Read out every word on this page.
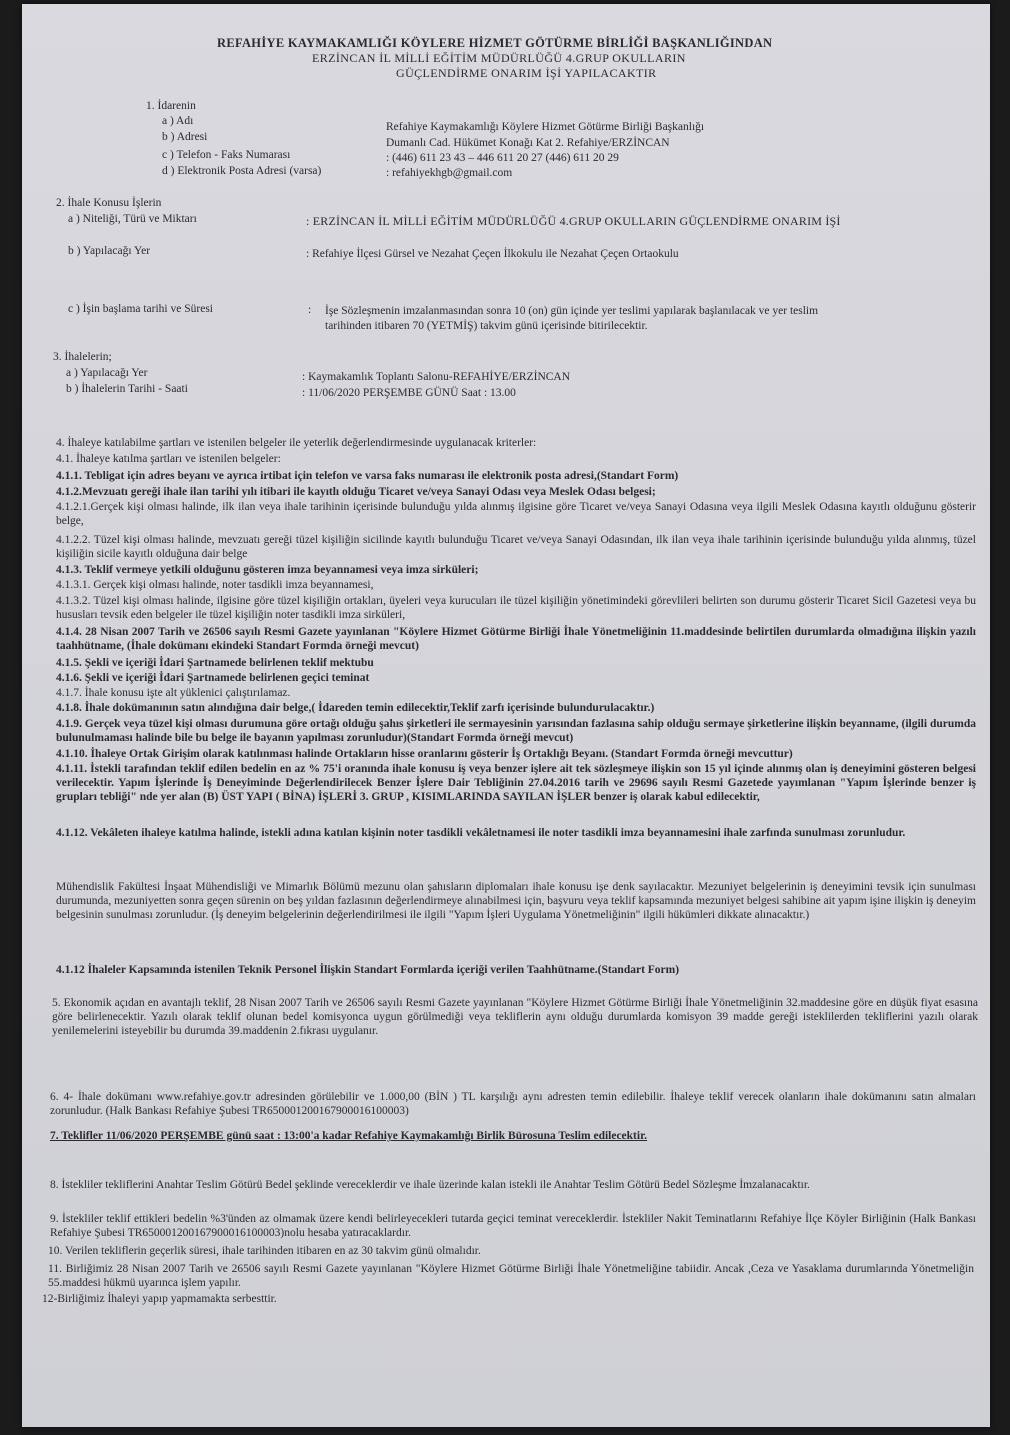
REFAHİYE KAYMAKAMLIĞI KÖYLERE HİZMET GÖTÜRME BİRLİĞİ BAŞKANLIĞINDAN
ERZİNCAN İL MİLLİ EĞİTİM MÜDÜRLÜĞÜ 4.GRUP OKULLARIN
GÜÇLENDİRME ONARIM İŞİ YAPILACAKTIR
1. İdarenin
a ) Adı	Refahiye Kaymakamlığı Köylere Hizmet Götürme Birliği Başkanlığı
b ) Adresi	Dumanlı Cad. Hükümet Konağı Kat 2. Refahiye/ERZİNCAN
c ) Telefon - Faks Numarası	: (446) 611 23 43 – 446 611 20 27 (446) 611 20 29
d ) Elektronik Posta Adresi (varsa)	: refahiyekhgb@gmail.com
2. İhale Konusu İşlerin
a ) Niteliği, Türü ve Miktarı	: ERZİNCAN İL MİLLİ EĞİTİM MÜDÜRLÜĞÜ 4.GRUP OKULLARIN GÜÇLENDİRME ONARIM İŞİ
b ) Yapılacağı Yer	: Refahiye İlçesi Gürsel ve Nezahat Çeçen İlkokulu ile Nezahat Çeçen Ortaokulu
c ) İşin başlama tarihi ve Süresi	: İşe Sözleşmenin imzalanmasından sonra 10 (on) gün içinde yer teslimi yapılarak başlanılacak ve yer teslim
tarihinden itibaren 70 (YETMİŞ) takvim günü içerisinde bitirilecektir.
3. İhalelerin;
a ) Yapılacağı Yer	: Kaymakamlık Toplantı Salonu-REFAHİYE/ERZİNCAN
b ) İhalelerin Tarihi - Saati	: 11/06/2020 PERŞEMBE GÜNÜ Saat : 13.00
4. İhaleye katılabilme şartları ve istenilen belgeler ile yeterlik değerlendirmesinde uygulanacak kriterler:
4.1. İhaleye katılma şartları ve istenilen belgeler:
4.1.1. Tebligat için adres beyanı ve ayrıca irtibat için telefon ve varsa faks numarası ile elektronik posta adresi,(Standart Form)
4.1.2.Mevzuatı gereği ihale ilan tarihi yılı itibari ile kayıtlı olduğu Ticaret ve/veya Sanayi Odası veya Meslek Odası belgesi;
4.1.2.1.Gerçek kişi olması halinde, ilk ilan veya ihale tarihinin içerisinde bulunduğu yılda alınmış ilgisine göre Ticaret ve/veya Sanayi Odasına veya ilgili Meslek Odasına kayıtlı olduğunu gösterir belge,
4.1.2.2. Tüzel kişi olması halinde, mevzuatı gereği tüzel kişiliğin sicilinde kayıtlı bulunduğu Ticaret ve/veya Sanayi Odasından, ilk ilan veya ihale tarihinin içerisinde bulunduğu yılda alınmış, tüzel kişiliğin sicile kayıtlı olduğuna dair belge
4.1.3. Teklif vermeye yetkili olduğunu gösteren imza beyannamesi veya imza sirküleri;
4.1.3.1. Gerçek kişi olması halinde, noter tasdikli imza beyannamesi,
4.1.3.2. Tüzel kişi olması halinde, ilgisine göre tüzel kişiliğin ortakları, üyeleri veya kurucuları ile tüzel kişiliğin yönetimindeki görevlileri belirten son durumu gösterir Ticaret Sicil Gazetesi veya bu hususları tevsik eden belgeler ile tüzel kişiliğin noter tasdikli imza sirküleri,
4.1.4. 28 Nisan 2007 Tarih ve 26506 sayılı Resmi Gazete yayınlanan "Köylere Hizmet Götürme Birliği İhale Yönetmeliğinin 11.maddesinde belirtilen durumlarda olmadığına ilişkin yazılı taahhütname, (İhale dokümanı ekindeki Standart Formda örneği mevcut)
4.1.5. Şekli ve içeriği İdari Şartnamede belirlenen teklif mektubu
4.1.6. Şekli ve içeriği İdari Şartnamede belirlenen geçici teminat
4.1.7. İhale konusu işte alt yüklenici çalıştırılamaz.
4.1.8. İhale dokümanının satın alındığına dair belge,( İdareden temin edilecektir,Teklif zarfı içerisinde bulundurulacaktır.)
4.1.9. Gerçek veya tüzel kişi olması durumuna göre ortağı olduğu şahıs şirketleri ile sermayesinin yarısından fazlasına sahip olduğu sermaye şirketlerine ilişkin beyanname, (ilgili durumda bulunulmaması halinde bile bu belge ile bayanın yapılması zorunludur)(Standart Formda örneği mevcut)
4.1.10. İhaleye Ortak Girişim olarak katılınması halinde Ortakların hisse oranlarını gösterir İş Ortaklığı Beyanı. (Standart Formda örneği mevcuttur)
4.1.11. İstekli tarafından teklif edilen bedelin en az % 75'i oranında ihale konusu iş veya benzer işlere ait tek sözleşmeye ilişkin son 15 yıl içinde alınmış olan iş deneyimini gösteren belgesi verilecektir. Yapım İşlerinde İş Deneyiminde Değerlendirilecek Benzer İşlere Dair Tebliğinin 27.04.2016 tarih ve 29696 sayılı Resmi Gazetede yayımlanan "Yapım İşlerinde benzer iş grupları tebliği" nde yer alan (B) ÜST YAPI ( BİNA) İŞLERİ 3. GRUP , KISIMLARINDA SAYILAN İŞLER benzer iş olarak kabul edilecektir,
4.1.12. Vekâleten ihaleye katılma halinde, istekli adına katılan kişinin noter tasdikli vekâletnamesi ile noter tasdikli imza beyannamesini ihale zarfında sunulması zorunludur.
Mühendislik Fakültesi İnşaat Mühendisliği ve Mimarlık Bölümü mezunu olan şahısların diplomaları ihale konusu işe denk sayılacaktır. Mezuniyet belgelerinin iş deneyimini tevsik için sunulması durumunda, mezuniyetten sonra geçen sürenin on beş yıldan fazlasının değerlendirmeye alınabilmesi için, başvuru veya teklif kapsamında mezuniyet belgesi sahibine ait yapım işine ilişkin iş deneyim belgesinin sunulması zorunludur. (İş deneyim belgelerinin değerlendirilmesi ile ilgili "Yapım İşleri Uygulama Yönetmeliğinin" ilgili hükümleri dikkate alınacaktır.)
4.1.12 İhaleler Kapsamında istenilen Teknik Personel İlişkin Standart Formlarda içeriği verilen Taahhütname.(Standart Form)
5. Ekonomik açıdan en avantajlı teklif, 28 Nisan 2007 Tarih ve 26506 sayılı Resmi Gazete yayınlanan "Köylere Hizmet Götürme Birliği İhale Yönetmeliğinin 32.maddesine göre en düşük fiyat esasına göre belirlenecektir. Yazılı olarak teklif olunan bedel komisyonca uygun görülmediği veya tekliflerin aynı olduğu durumlarda komisyon 39 madde gereği isteklilerden tekliflerini yazılı olarak yenilemelerini isteyebilir bu durumda 39.maddenin 2.fıkrası uygulanır.
6. 4- İhale dokümanı www.refahiye.gov.tr adresinden görülebilir ve 1.000,00 (BİN ) TL karşılığı aynı adresten temin edilebilir. İhaleye teklif verecek olanların ihale dokümanını satın almaları zorunludur. (Halk Bankası Refahiye Şubesi TR650001200167900016100003)
7. Teklifler 11/06/2020 PERŞEMBE günü saat : 13:00'a kadar Refahiye Kaymakamlığı Birlik Bürosuna Teslim edilecektir.
8. İstekliler tekliflerini Anahtar Teslim Götürü Bedel şeklinde vereceklerdir ve ihale üzerinde kalan istekli ile Anahtar Teslim Götürü Bedel Sözleşme İmzalanacaktır.
9. İstekliler teklif ettikleri bedelin %3'ünden az olmamak üzere kendi belirleyecekleri tutarda geçici teminat vereceklerdir. İstekliler Nakit Teminatlarını Refahiye İlçe Köyler Birliğinin (Halk Bankası Refahiye Şubesi TR650001200167900016100003)nolu hesaba yatıracaklardır.
10. Verilen tekliflerin geçerlik süresi, ihale tarihinden itibaren en az 30 takvim günü olmalıdır.
11. Birliğimiz 28 Nisan 2007 Tarih ve 26506 sayılı Resmi Gazete yayınlanan "Köylere Hizmet Götürme Birliği İhale Yönetmeliğine tabiidir. Ancak ,Ceza ve Yasaklama durumlarında Yönetmeliğin 55.maddesi hükmü uyarınca işlem yapılır.
12-Birliğimiz İhaleyi yapıp yapmamakta serbesttir.
